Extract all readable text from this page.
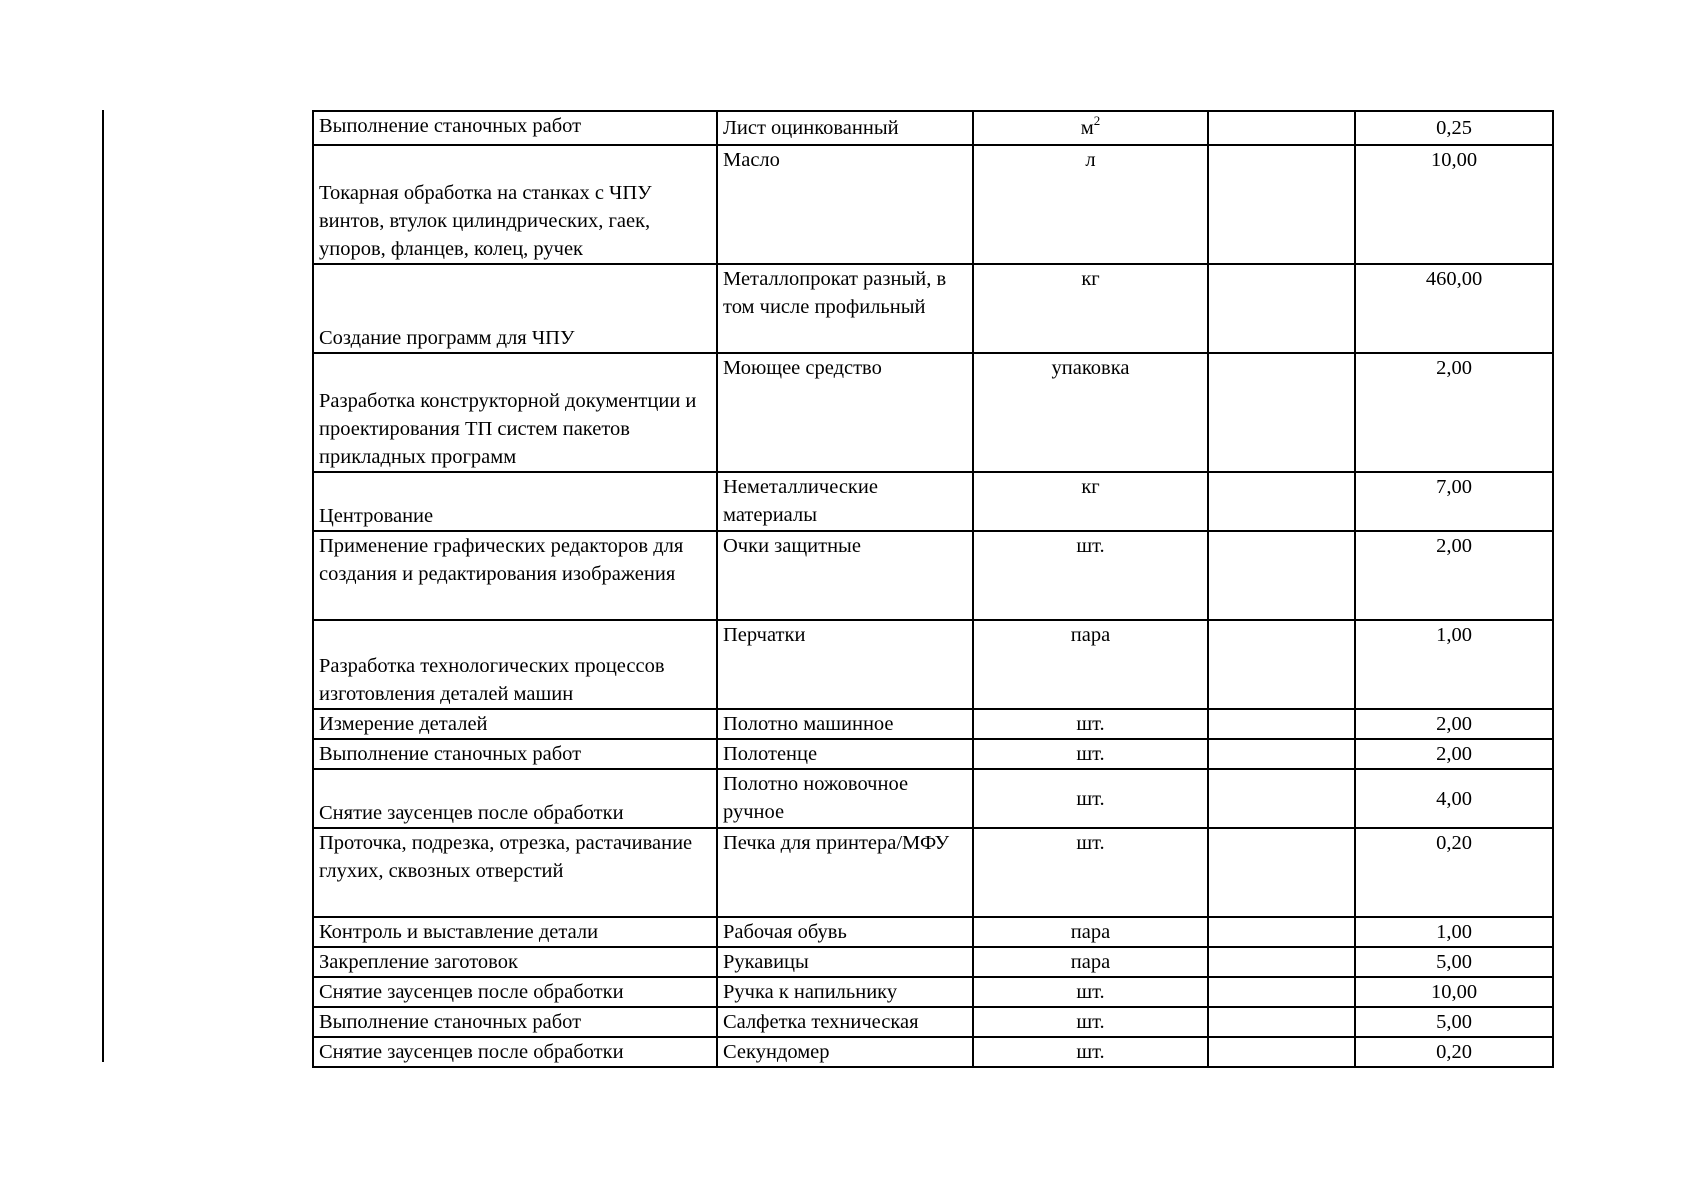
Выполнение станочных работ	Лист оцинкованный	$м^2$		0,25
Токарная обработка на станках с ЧПУ винтов, втулок цилиндрических, гаек, упоров, фланцев, колец, ручек	Масло	л		10,00
Создание программ для ЧПУ	Металлопрокат разный, в том числе профильный	кг		460,00
Разработка конструкторной документции и проектирования ТП систем пакетов прикладных программ	Моющее средство	упаковка		2,00
Центрование	Неметаллические материалы	кг		7,00
Применение графических редакторов для создания и редактирования изображения	Очки защитные	шт.		2,00
Разработка технологических процессов изготовления деталей машин	Перчатки	пара		1,00
Измерение деталей	Полотно машинное	шт.		2,00
Выполнение станочных работ	Полотенце	шт.		2,00
Снятие заусенцев после обработки	Полотно ножовочное ручное	шт.		4,00
Проточка, подрезка, отрезка, растачивание глухих, сквозных отверстий	Печка для принтера/МФУ	шт.		0,20
Контроль и выставление детали	Рабочая обувь	пара		1,00
Закрепление заготовок	Рукавицы	пара		5,00
Снятие заусенцев после обработки	Ручка к напильнику	шт.		10,00
Выполнение станочных работ	Салфетка техническая	шт.		5,00
Снятие заусенцев после обработки	Секундомер	шт.		0,20
